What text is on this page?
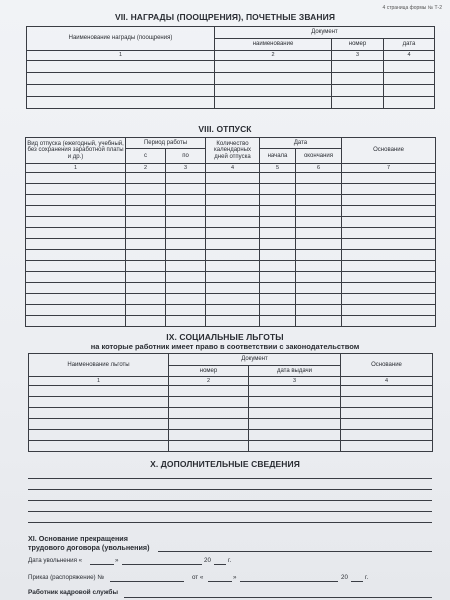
4 страница формы № Т-2
VII. НАГРАДЫ (ПООЩРЕНИЯ), ПОЧЕТНЫЕ ЗВАНИЯ
Наименование награды (поощрения)	Документ		
	наименование	номер	дата
1	2	3	4

VIII. ОТПУСК
Вид отпуска (ежегодный, учебный, без сохранения заработной платы и др.)	Период работы		Количество календарных дней отпуска	Дата		Основание
	с	по		начала	окончания	
1	2	3	4	5	6	7

IX. СОЦИАЛЬНЫЕ ЛЬГОТЫ
на которые работник имеет право в соответствии с законодательством
Наименование льготы	Документ		Основание
	номер	дата выдачи	
1	2	3	4

X. ДОПОЛНИТЕЛЬНЫЕ СВЕДЕНИЯ
XI. Основание прекращения
трудового договора (увольнения)
Дата увольнения «	»	20	г.
Приказ (распоряжение) №	от «	»	20	г.
Работник кадровой службы
